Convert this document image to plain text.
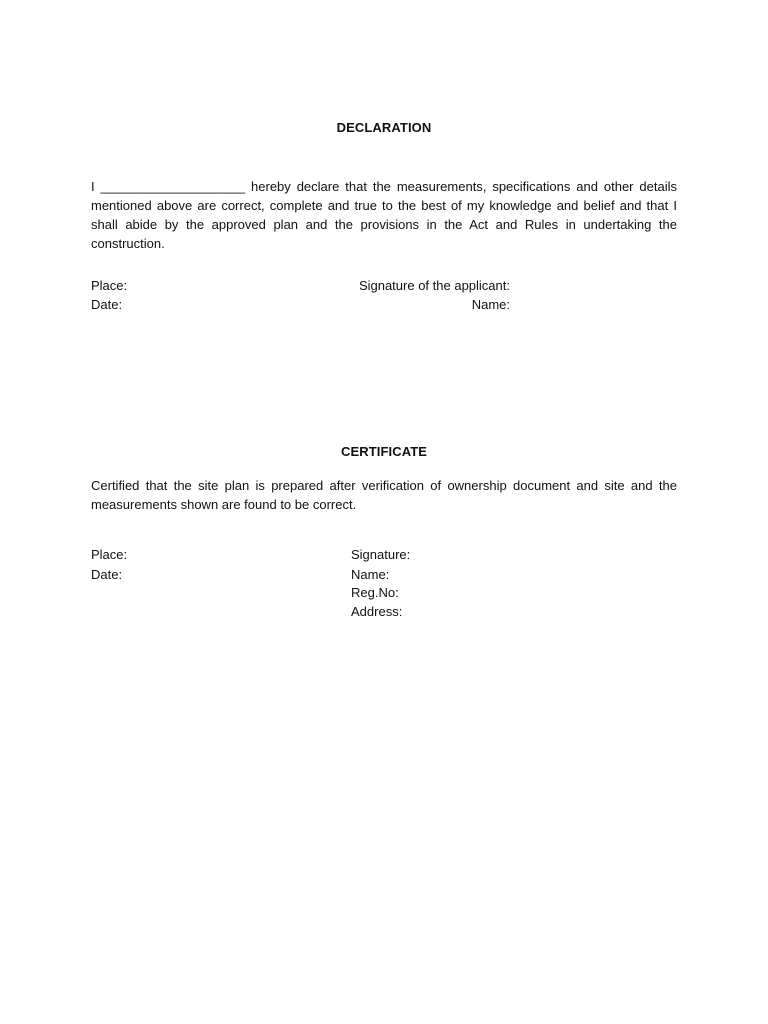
DECLARATION
I ____________________ hereby declare that the measurements, specifications and other details mentioned above are correct, complete and true to the best of my knowledge and belief and that I shall abide by the approved plan and the provisions in the Act and Rules in undertaking the construction.
Place:
Date:
Signature of the applicant:
Name:
CERTIFICATE
Certified that the site plan is prepared after verification of ownership document and site and the measurements shown are found to be correct.
Place:
Date:
Signature:
Name:
Reg.No:
Address:
